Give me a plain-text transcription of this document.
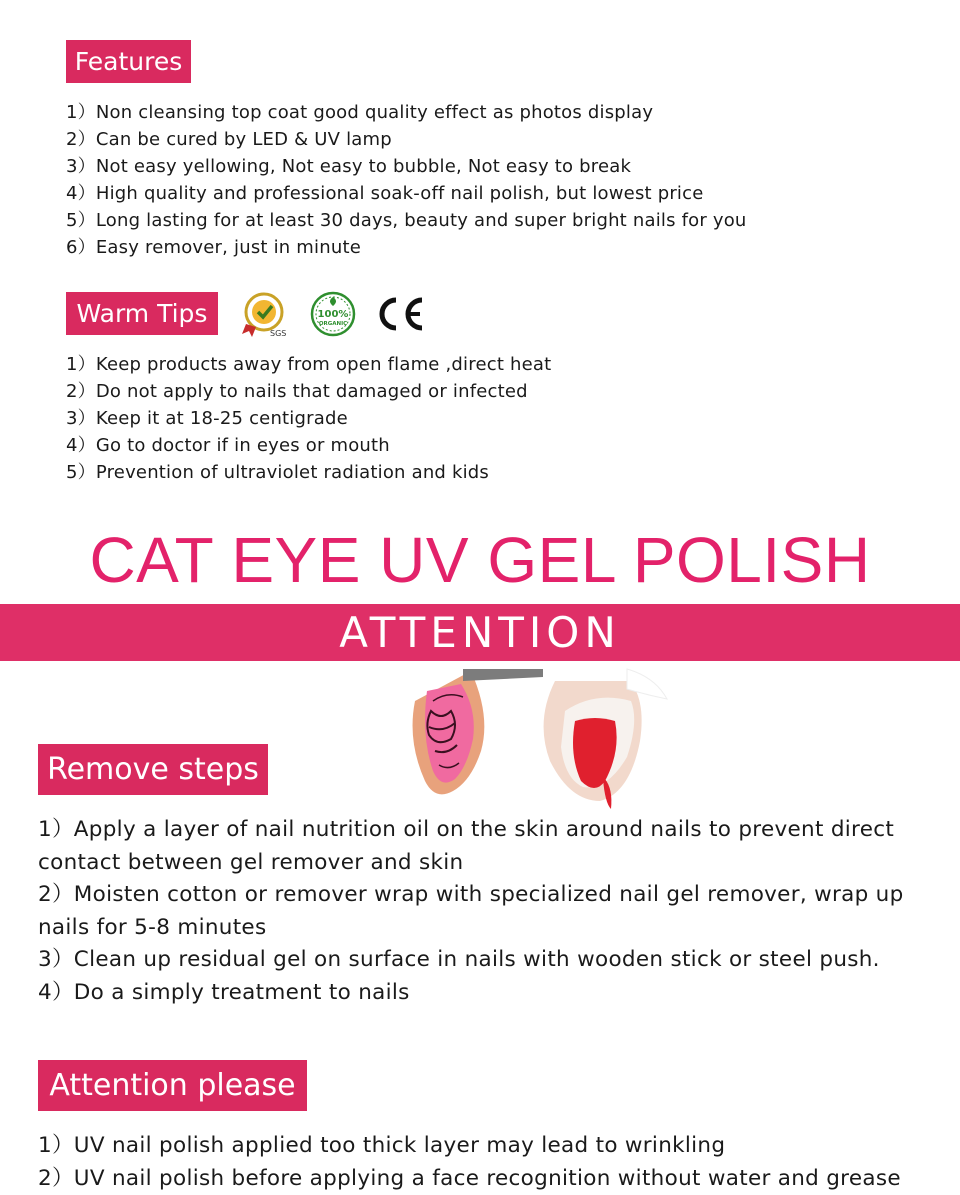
Features
1）Non cleansing top coat good quality effect as photos display
2）Can be cured by LED & UV lamp
3）Not easy yellowing, Not easy to bubble, Not easy to break
4）High quality and professional soak-off nail polish, but lowest price
5）Long lasting for at least 30 days, beauty and super bright nails for you
6）Easy remover, just in minute
Warm Tips
SGS
100%
ORGANIC
1）Keep products away from open flame ,direct heat
2）Do not apply to nails that damaged or infected
3）Keep it at 18-25 centigrade
4）Go to doctor if in eyes or mouth
5）Prevention of ultraviolet radiation and kids
CAT EYE UV GEL POLISH
ATTENTION
Remove steps
1）Apply a layer of nail nutrition oil on the skin around nails to prevent direct contact between gel remover and skin
2）Moisten cotton or remover wrap with specialized nail gel remover, wrap up nails for 5-8 minutes
3）Clean up residual gel on surface in nails with wooden stick or steel push.
4）Do a simply treatment to nails
Attention please
1）UV nail polish applied too thick layer may lead to wrinkling
2）UV nail polish before applying a face recognition without water and grease
